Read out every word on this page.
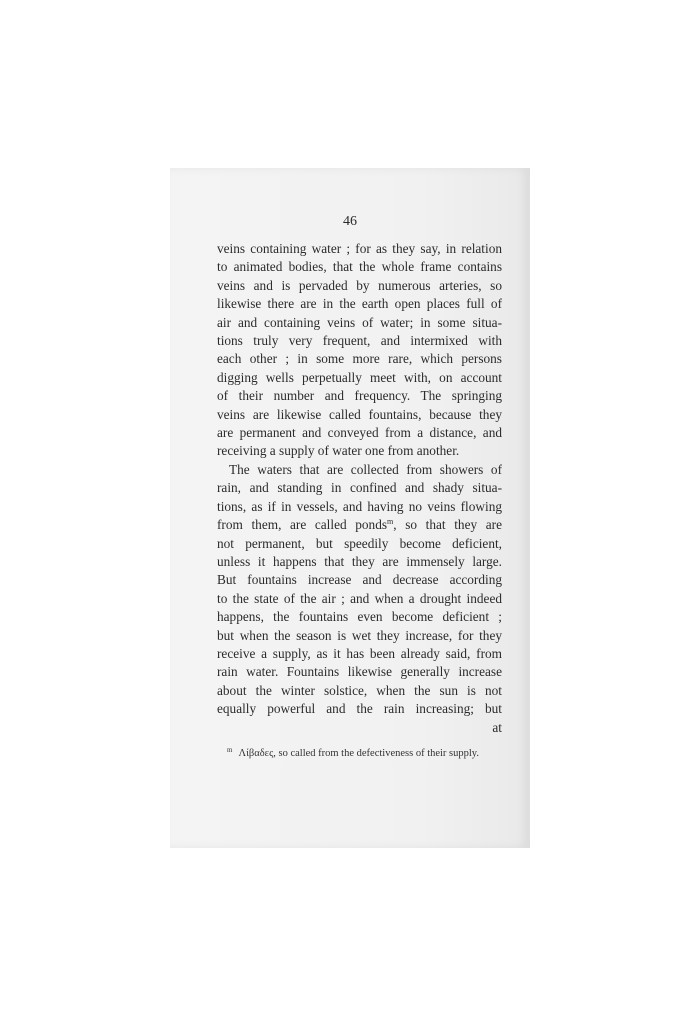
46
veins containing water ; for as they say, in relation
to animated bodies, that the whole frame contains
veins and is pervaded by numerous arteries, so
likewise there are in the earth open places full of
air and containing veins of water; in some situa-
tions truly very frequent, and intermixed with
each other ; in some more rare, which persons
digging wells perpetually meet with, on account
of their number and frequency. The springing
veins are likewise called fountains, because they
are permanent and conveyed from a distance, and
receiving a supply of water one from another.
The waters that are collected from showers of
rain, and standing in confined and shady situa-
tions, as if in vessels, and having no veins flowing
from them, are called ponds$^m$, so that they are
not permanent, but speedily become deficient,
unless it happens that they are immensely large.
But fountains increase and decrease according
to the state of the air ; and when a drought indeed
happens, the fountains even become deficient ;
but when the season is wet they increase, for they
receive a supply, as it has been already said, from
rain water. Fountains likewise generally increase
about the winter solstice, when the sun is not
equally powerful and the rain increasing; but
at
$^m$ Λίβαδες, so called from the defectiveness of their supply.
